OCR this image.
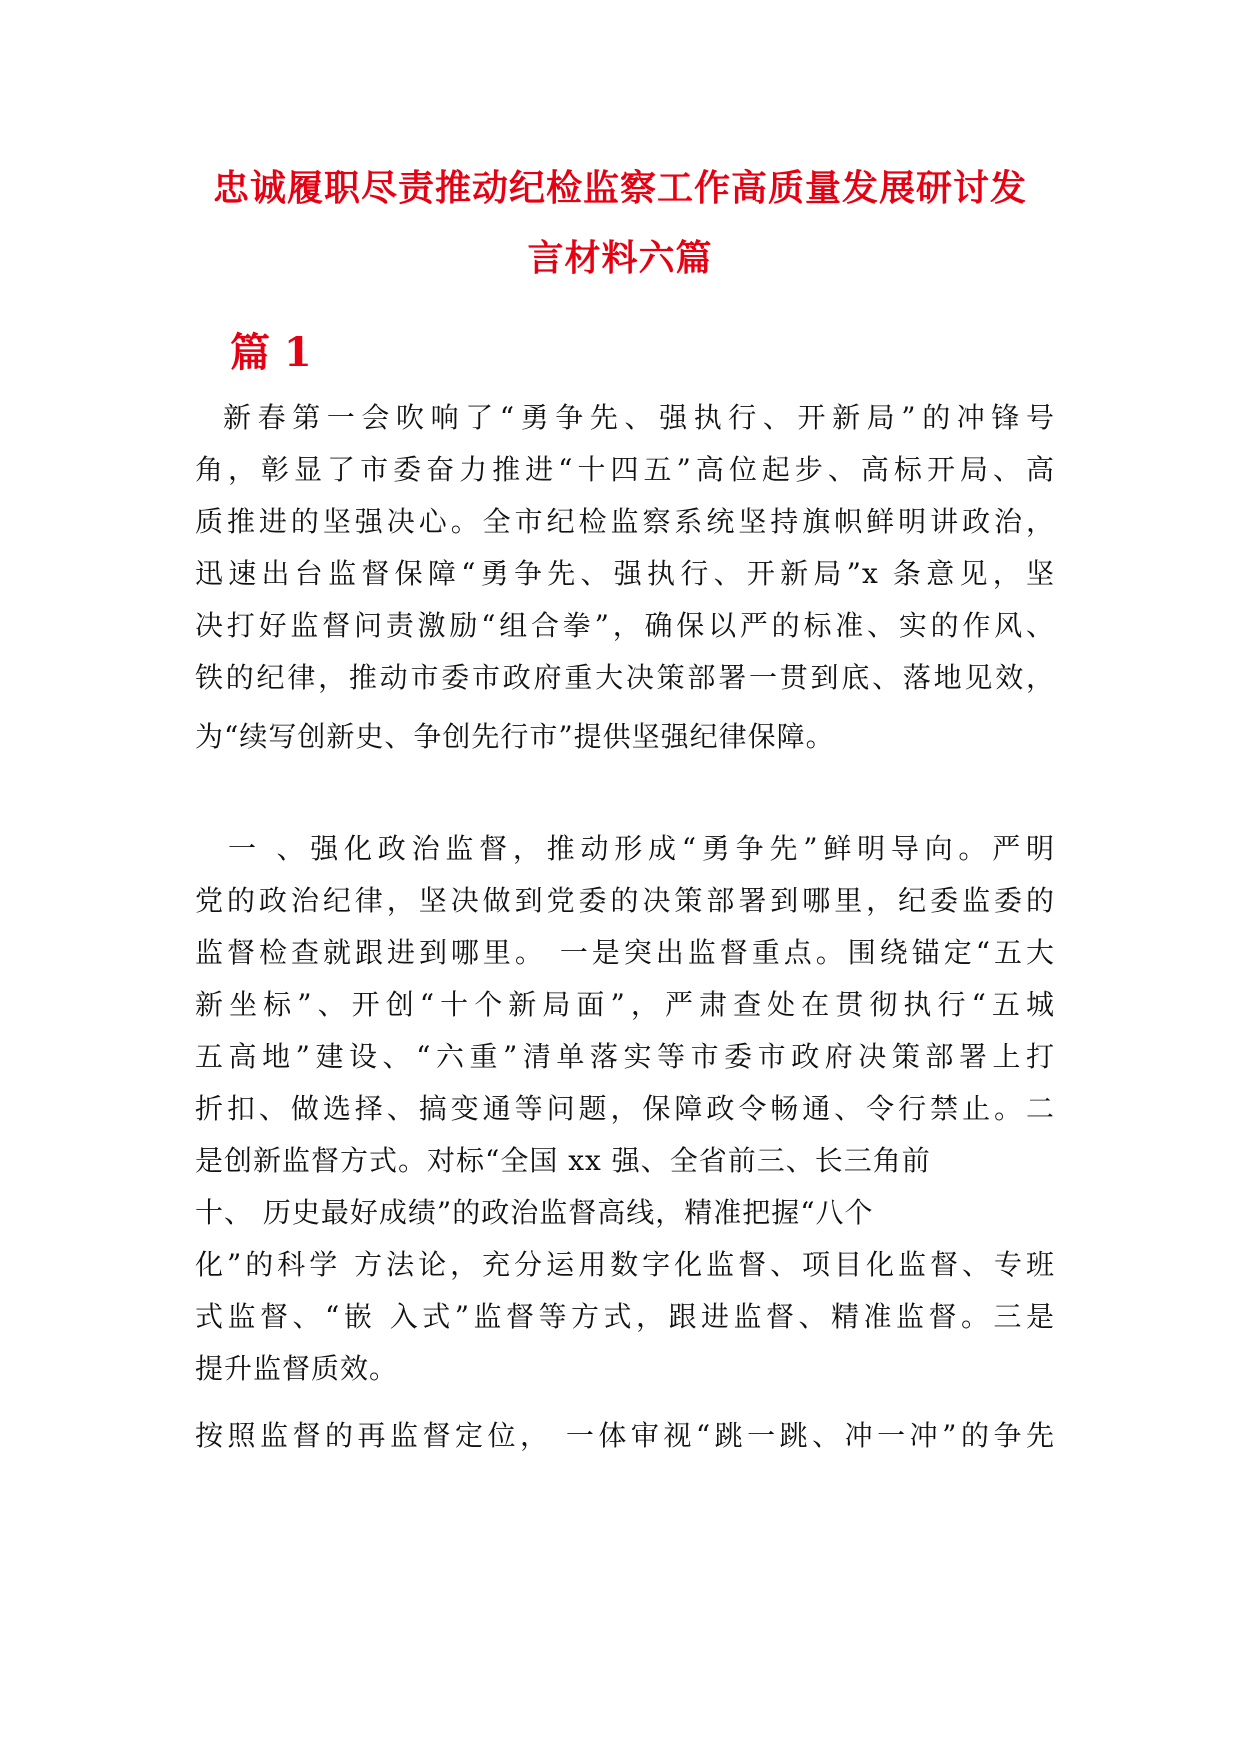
忠诚履职尽责推动纪检监察工作高质量发展研讨发
言材料六篇
篇 1
新春第一会吹响了“勇争先、强执行、开新局”的冲锋号
角，彰显了市委奋力推进“十四五”高位起步、高标开局、高
质推进的坚强决心。全市纪检监察系统坚持旗帜鲜明讲政治，
迅速出台监督保障“勇争先、强执行、开新局”x 条意见，坚
决打好监督问责激励“组合拳”，确保以严的标准、实的作风、
铁的纪律，推动市委市政府重大决策部署一贯到底、落地见效，
为“续写创新史、争创先行市”提供坚强纪律保障。
一 、强化政治监督，推动形成“勇争先”鲜明导向。严明
党的政治纪律，坚决做到党委的决策部署到哪里，纪委监委的
监督检查就跟进到哪里。 一是突出监督重点。围绕锚定“五大
新坐标”、开创“十个新局面”，严肃查处在贯彻执行“五城
五高地”建设、“六重”清单落实等市委市政府决策部署上打
折扣、做选择、搞变通等问题，保障政令畅通、令行禁止。二
是创新监督方式。对标“全国 xx 强、全省前三、长三角前
十、 历史最好成绩”的政治监督高线，精准把握“八个
化”的科学 方法论，充分运用数字化监督、项目化监督、专班
式监督、“嵌 入式”监督等方式，跟进监督、精准监督。三是
提升监督质效。
按照监督的再监督定位， 一体审视“跳一跳、冲一冲”的争先
